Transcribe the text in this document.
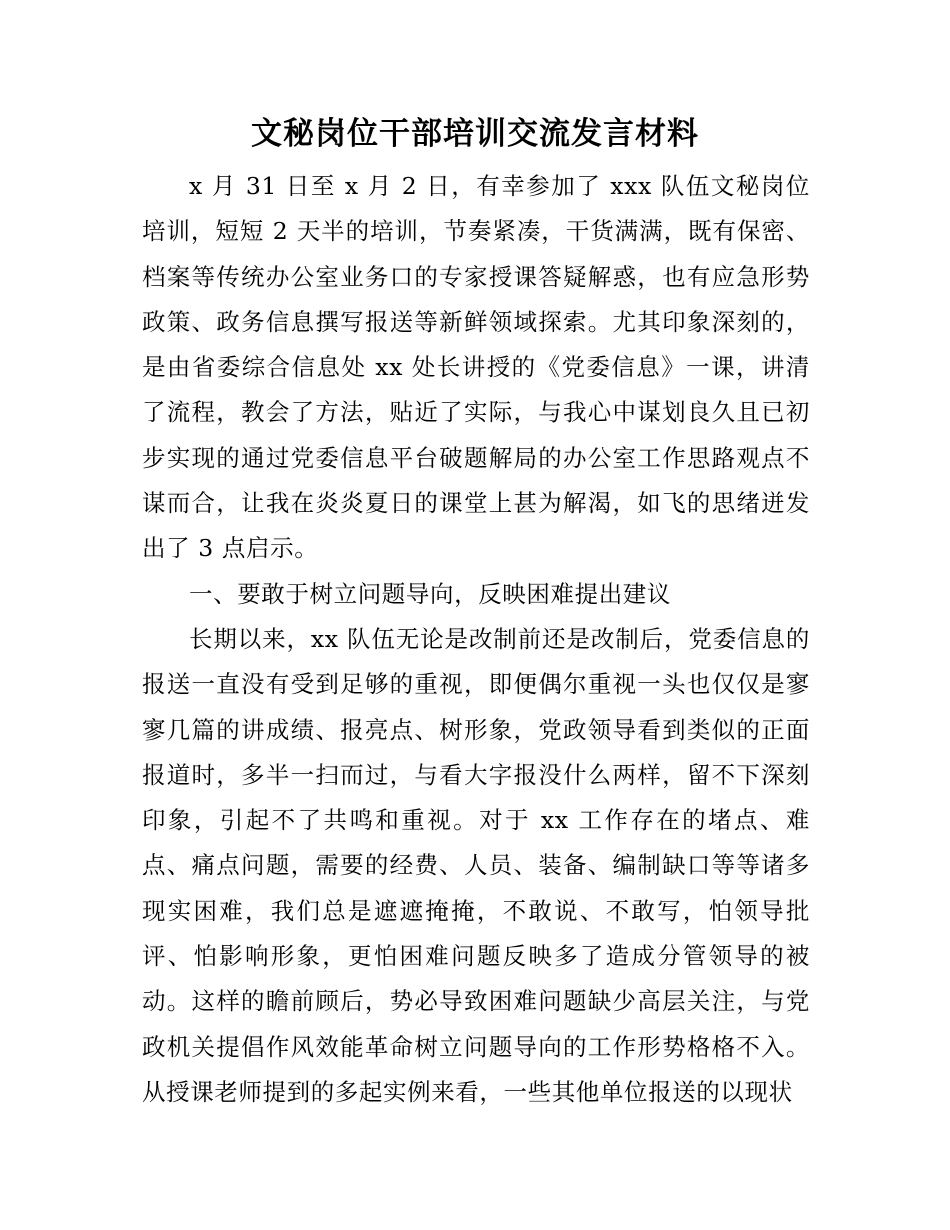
文秘岗位干部培训交流发言材料

x 月 31 日至 x 月 2 日，有幸参加了 xxx 队伍文秘岗位培训，短短 2 天半的培训，节奏紧凑，干货满满，既有保密、档案等传统办公室业务口的专家授课答疑解惑，也有应急形势政策、政务信息撰写报送等新鲜领域探索。尤其印象深刻的，是由省委综合信息处 xx 处长讲授的《党委信息》一课，讲清了流程，教会了方法，贴近了实际，与我心中谋划良久且已初步实现的通过党委信息平台破题解局的办公室工作思路观点不谋而合，让我在炎炎夏日的课堂上甚为解渴，如飞的思绪迸发出了 3 点启示。

一、要敢于树立问题导向，反映困难提出建议

长期以来，xx 队伍无论是改制前还是改制后，党委信息的报送一直没有受到足够的重视，即便偶尔重视一头也仅仅是寥寥几篇的讲成绩、报亮点、树形象，党政领导看到类似的正面报道时，多半一扫而过，与看大字报没什么两样，留不下深刻印象，引起不了共鸣和重视。对于 xx 工作存在的堵点、难点、痛点问题，需要的经费、人员、装备、编制缺口等等诸多现实困难，我们总是遮遮掩掩，不敢说、不敢写，怕领导批评、怕影响形象，更怕困难问题反映多了造成分管领导的被动。这样的瞻前顾后，势必导致困难问题缺少高层关注，与党政机关提倡作风效能革命树立问题导向的工作形势格格不入。从授课老师提到的多起实例来看，一些其他单位报送的以现状
